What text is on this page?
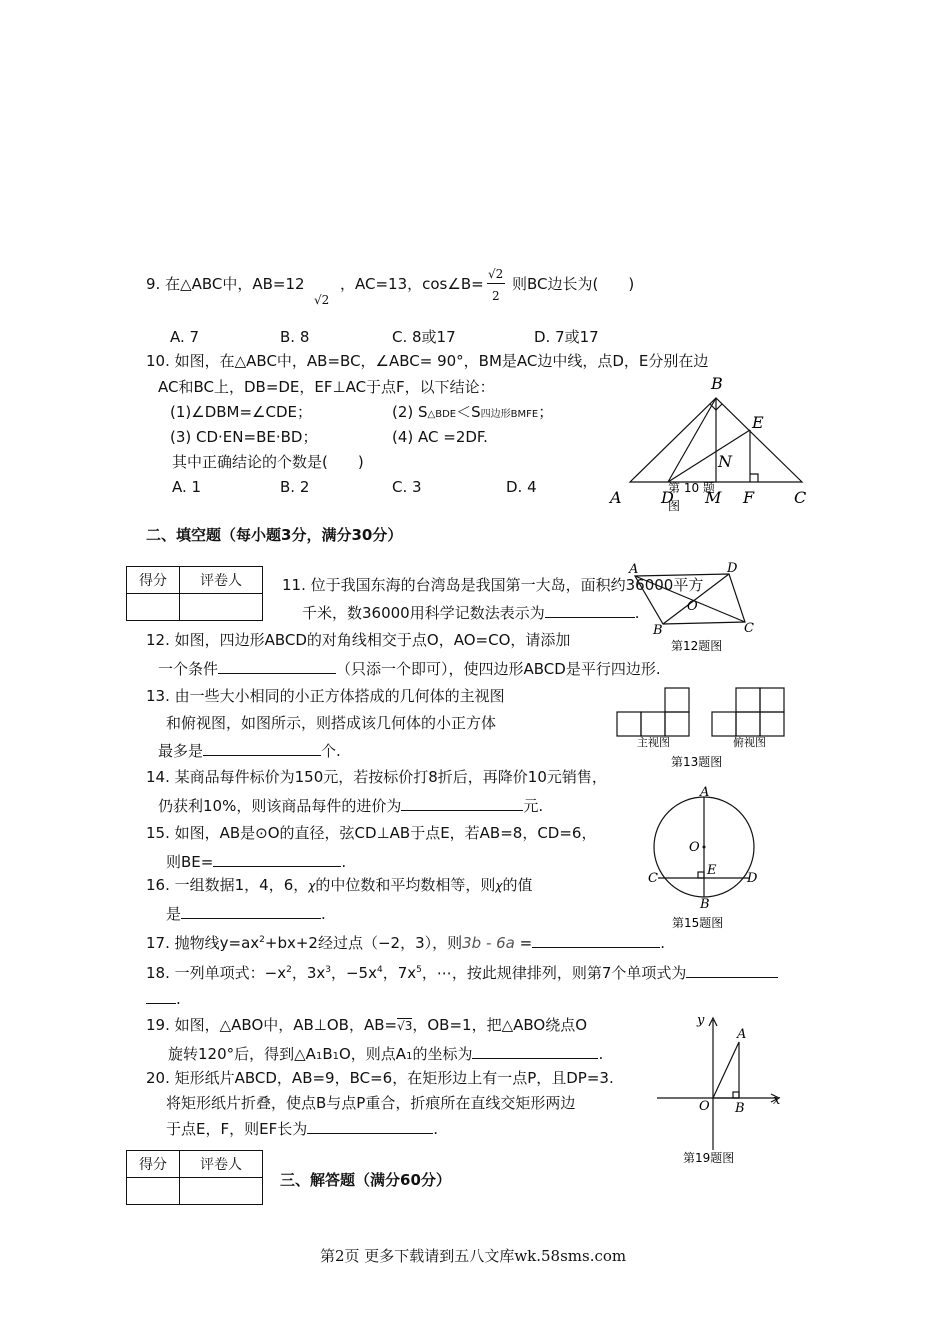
9. 在△ABC中，AB=12
√2
，AC=13，cos∠B=
√2
2
则BC边长为(　　)
A. 7	B. 8	C. 8或17	D. 7或17
10. 如图，在△ABC中，AB=BC，∠ABC= 90°，BM是AC边中线，点D，E分别在边
AC和BC上，DB=DE，EF⊥AC于点F，以下结论：
(1)∠DBM=∠CDE；	(2) S△BDE＜S四边形BMFE；
(3) CD·EN=BE·BD；	(4) AC =2DF.
其中正确结论的个数是(　　)
A. 1	B. 2	C. 3	D. 4
A
B
C
D
E
M
N
F
第 10 题
图
二、填空题（每小题3分，满分30分）
得分	评卷人
		11. 位于我国东海的台湾岛是我国第一大岛，面积约36000平方
千米，数36000用科学记数法表示为	.
A	D
O
B	C
第12题图
12. 如图，四边形ABCD的对角线相交于点O，AO=CO，请添加
一个条件	（只添一个即可），使四边形ABCD是平行四边形.
13. 由一些大小相同的小正方体搭成的几何体的主视图
和俯视图，如图所示，则搭成该几何体的小正方体
最多是	个.	主视图	俯视图
第13题图
14. 某商品每件标价为150元，若按标价打8折后，再降价10元销售，
仍获利10%，则该商品每件的进价为	元.
A
O
E
C	D
B
第15题图
15. 如图，AB是⊙O的直径，弦CD⊥AB于点E，若AB=8，CD=6，
则BE=	.
16. 一组数据1，4，6，χ的中位数和平均数相等，则χ的值
是	.
17. 抛物线$y=ax^2+bx+2$经过点（−2，3），则3b - 6a =	.
18. 一列单项式：$-x^2$，$3x^3$，$-5x^4$，$7x^5$，⋯，按此规律排列，则第7个单项式为
.
19. 如图，△ABO中，AB⊥OB，AB=√3，OB=1，把△ABO绕点O
旋转120°后，得到△A1B1O，则点A1的坐标为	.
y
A
O B
x
第19题图
20. 矩形纸片ABCD，AB=9，BC=6，在矩形边上有一点P，且DP=3.
将矩形纸片折叠，使点B与点P重合，折痕所在直线交矩形两边
于点E，F，则EF长为	.
得分	评卷人

三、解答题（满分60分）
第2页 更多下载请到五八文库wk.58sms.com
